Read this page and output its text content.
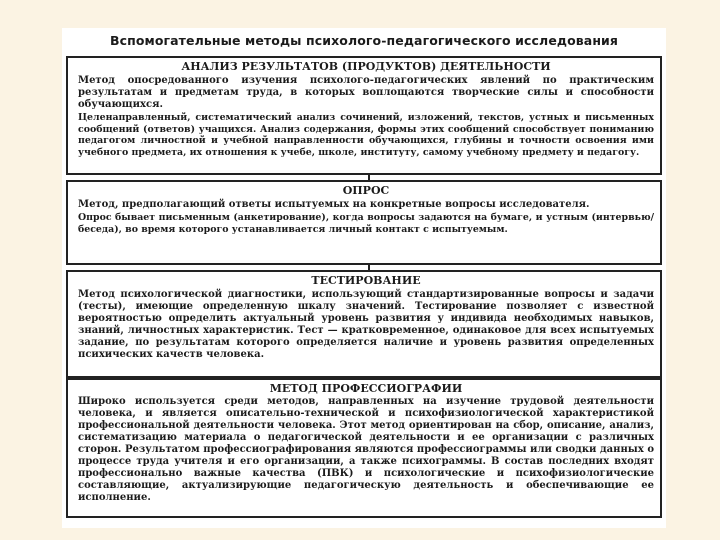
Вспомогательные методы психолого-педагогического исследования
АНАЛИЗ РЕЗУЛЬТАТОВ (ПРОДУКТОВ) ДЕЯТЕЛЬНОСТИ

Метод опосредованного изучения психолого-педагогических явлений по практическим результатам и предметам труда, в которых воплощаются творческие силы и способности обучающихся.

Целенаправленный, систематический анализ сочинений, изложений, текстов, устных и письменных сообщений (ответов) учащихся. Анализ содержания, формы этих сообщений способствует пониманию педагогом личностной и учебной направленности обучающихся, глубины и точности освоения ими учебного предмета, их отношения к учебе, школе, институту, самому учебному предмету и педагогу.

ОПРОС

Метод, предполагающий ответы испытуемых на конкретные вопросы исследователя.

Опрос бывает письменным (анкетирование), когда вопросы задаются на бумаге, и устным (интервью/беседа), во время которого устанавливается личный контакт с испытуемым.

ТЕСТИРОВАНИЕ

Метод психологической диагностики, использующий стандартизированные вопросы и задачи (тесты), имеющие определенную шкалу значений. Тестирование позволяет с известной вероятностью определить актуальный уровень развития у индивида необходимых навыков, знаний, личностных характеристик. Тест — кратковременное, одинаковое для всех испытуемых задание, по результатам которого определяется наличие и уровень развития определенных психических качеств человека.

МЕТОД ПРОФЕССИОГРАФИИ

Широко используется среди методов, направленных на изучение трудовой деятельности человека, и является описательно-технической и психофизиологической характеристикой профессиональной деятельности человека. Этот метод ориентирован на сбор, описание, анализ, систематизацию материала о педагогической деятельности и ее организации с различных сторон. Результатом профессиографирования являются профессиограммы или сводки данных о процессе труда учителя и его организации, а также психограммы. В состав последних входят профессионально важные качества (ПВК) и психологические и психофизиологические составляющие, актуализирующие педагогическую деятельность и обеспечивающие ее исполнение.
